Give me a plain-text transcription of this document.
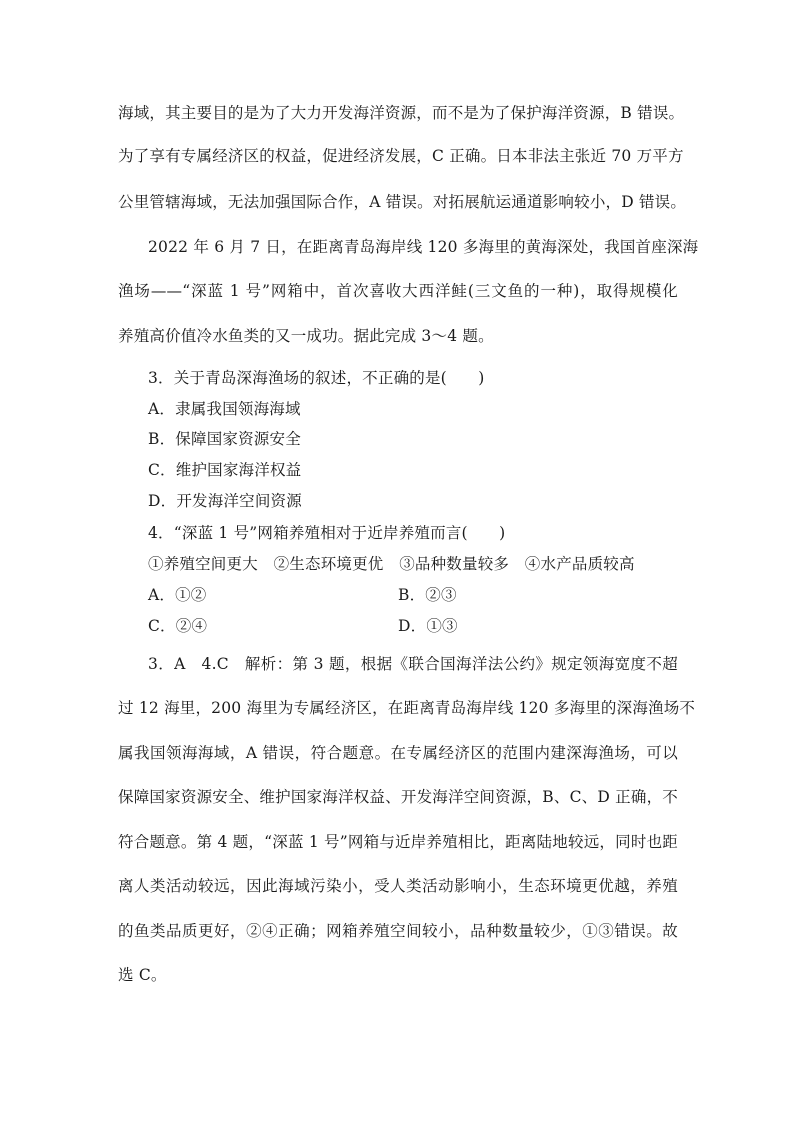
海域，其主要目的是为了大力开发海洋资源，而不是为了保护海洋资源，B 错误。
为了享有专属经济区的权益，促进经济发展，C 正确。日本非法主张近 70 万平方
公里管辖海域，无法加强国际合作，A 错误。对拓展航运通道影响较小，D 错误。
2022 年 6 月 7 日，在距离青岛海岸线 120 多海里的黄海深处，我国首座深海
渔场——“深蓝 1 号”网箱中，首次喜收大西洋鲑(三文鱼的一种)，取得规模化
养殖高价值冷水鱼类的又一成功。据此完成 3～4 题。
3．关于青岛深海渔场的叙述，不正确的是(　　)
A．隶属我国领海海域
B．保障国家资源安全
C．维护国家海洋权益
D．开发海洋空间资源
4．“深蓝 1 号”网箱养殖相对于近岸养殖而言(　　)
①养殖空间更大　②生态环境更优　③品种数量较多　④水产品质较高
A．①②	B．②③
C．②④	D．①③
3．A　4.C　解析：第 3 题，根据《联合国海洋法公约》规定领海宽度不超
过 12 海里，200 海里为专属经济区，在距离青岛海岸线 120 多海里的深海渔场不
属我国领海海域，A 错误，符合题意。在专属经济区的范围内建深海渔场，可以
保障国家资源安全、维护国家海洋权益、开发海洋空间资源，B、C、D 正确，不
符合题意。第 4 题，“深蓝 1 号”网箱与近岸养殖相比，距离陆地较远，同时也距
离人类活动较远，因此海域污染小，受人类活动影响小，生态环境更优越，养殖
的鱼类品质更好，②④正确；网箱养殖空间较小，品种数量较少，①③错误。故
选 C。
